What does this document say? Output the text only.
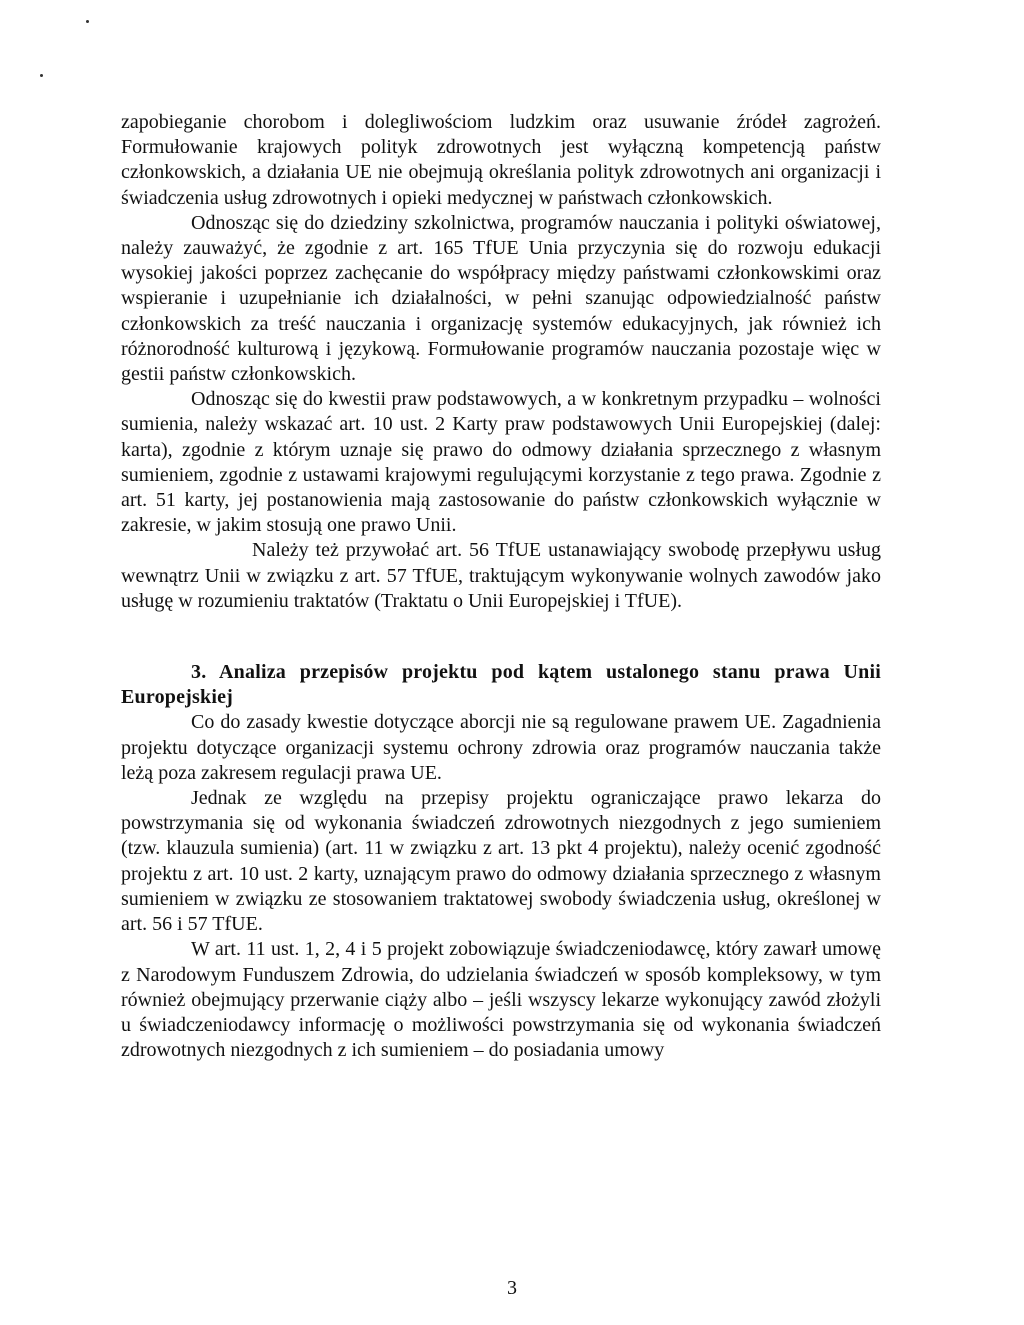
zapobieganie chorobom i dolegliwościom ludzkim oraz usuwanie źródeł zagrożeń. Formułowanie krajowych polityk zdrowotnych jest wyłączną kompetencją państw członkowskich, a działania UE nie obejmują określania polityk zdrowotnych ani organizacji i świadczenia usług zdrowotnych i opieki medycznej w państwach członkowskich.

Odnosząc się do dziedziny szkolnictwa, programów nauczania i polityki oświatowej, należy zauważyć, że zgodnie z art. 165 TfUE Unia przyczynia się do rozwoju edukacji wysokiej jakości poprzez zachęcanie do współpracy między państwami członkowskimi oraz wspieranie i uzupełnianie ich działalności, w pełni szanując odpowiedzialność państw członkowskich za treść nauczania i organizację systemów edukacyjnych, jak również ich różnorodność kulturową i językową. Formułowanie programów nauczania pozostaje więc w gestii państw członkowskich.

Odnosząc się do kwestii praw podstawowych, a w konkretnym przypadku – wolności sumienia, należy wskazać art. 10 ust. 2 Karty praw podstawowych Unii Europejskiej (dalej: karta), zgodnie z którym uznaje się prawo do odmowy działania sprzecznego z własnym sumieniem, zgodnie z ustawami krajowymi regulującymi korzystanie z tego prawa. Zgodnie z art. 51 karty, jej postanowienia mają zastosowanie do państw członkowskich wyłącznie w zakresie, w jakim stosują one prawo Unii.

Należy też przywołać art. 56 TfUE ustanawiający swobodę przepływu usług wewnątrz Unii w związku z art. 57 TfUE, traktującym wykonywanie wolnych zawodów jako usługę w rozumieniu traktatów (Traktatu o Unii Europejskiej i TfUE).

3. Analiza przepisów projektu pod kątem ustalonego stanu prawa Unii Europejskiej

Co do zasady kwestie dotyczące aborcji nie są regulowane prawem UE. Zagadnienia projektu dotyczące organizacji systemu ochrony zdrowia oraz programów nauczania także leżą poza zakresem regulacji prawa UE.

Jednak ze względu na przepisy projektu ograniczające prawo lekarza do powstrzymania się od wykonania świadczeń zdrowotnych niezgodnych z jego sumieniem (tzw. klauzula sumienia) (art. 11 w związku z art. 13 pkt 4 projektu), należy ocenić zgodność projektu z art. 10 ust. 2 karty, uznającym prawo do odmowy działania sprzecznego z własnym sumieniem w związku ze stosowaniem traktatowej swobody świadczenia usług, określonej w art. 56 i 57 TfUE.

W art. 11 ust. 1, 2, 4 i 5 projekt zobowiązuje świadczeniodawcę, który zawarł umowę z Narodowym Funduszem Zdrowia, do udzielania świadczeń w sposób kompleksowy, w tym również obejmujący przerwanie ciąży albo – jeśli wszyscy lekarze wykonujący zawód złożyli u świadczeniodawcy informację o możliwości powstrzymania się od wykonania świadczeń zdrowotnych niezgodnych z ich sumieniem – do posiadania umowy

3
